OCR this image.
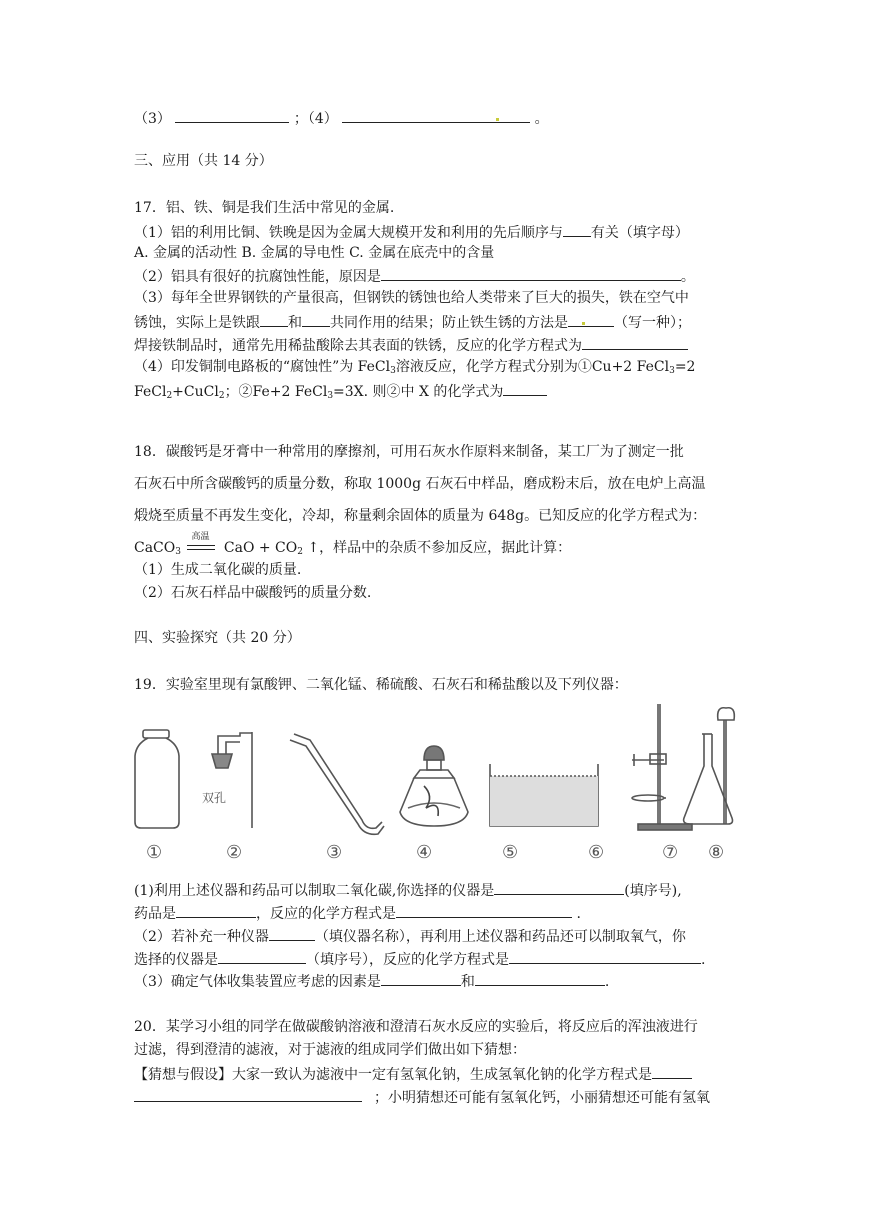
（3）	；（4）	。
三、应用（共 14 分）
17．铝、铁、铜是我们生活中常见的金属.
（1）铝的利用比铜、铁晚是因为金属大规模开发和利用的先后顺序与 有关（填字母）
A. 金属的活动性 B. 金属的导电性 C. 金属在底壳中的含量
（2）铝具有很好的抗腐蚀性能，原因是	。
（3）每年全世界钢铁的产量很高，但钢铁的锈蚀也给人类带来了巨大的损失，铁在空气中
锈蚀，实际上是铁跟 和 共同作用的结果；防止铁生锈的方法是	（写一种）；
焊接铁制品时，通常先用稀盐酸除去其表面的铁锈，反应的化学方程式为
（4）印发铜制电路板的“腐蚀性”为 FeCl$_3$溶液反应，化学方程式分别为①Cu+2 FeCl$_3$=2
FeCl$_2$+CuCl$_2$；②Fe+2 FeCl$_3$=3X. 则②中 X 的化学式为
18．碳酸钙是牙膏中一种常用的摩擦剂，可用石灰水作原料来制备，某工厂为了测定一批
石灰石中所含碳酸钙的质量分数，称取 1000g 石灰石中样品，磨成粉末后，放在电炉上高温
煅烧至质量不再发生变化，冷却，称量剩余固体的质量为 648g。已知反应的化学方程式为：
CaCO$_3$
高温
CaO + $CO_2$ ↑，样品中的杂质不参加反应，据此计算：
（1）生成二氧化碳的质量.
（2）石灰石样品中碳酸钙的质量分数.
四、实验探究（共 20 分）
19．实验室里现有氯酸钾、二氧化锰、稀硫酸、石灰石和稀盐酸以及下列仪器：
双孔
①	②	③	④	⑤	⑥	⑦ ⑧
(1)利用上述仪器和药品可以制取二氧化碳,你选择的仪器是	(填序号),
药品是	，反应的化学方程式是	.
（2）若补充一种仪器	（填仪器名称），再利用上述仪器和药品还可以制取氧气，你
选择的仪器是	（填序号），反应的化学方程式是	.
（3）确定气体收集装置应考虑的因素是	和	.
20．某学习小组的同学在做碳酸钠溶液和澄清石灰水反应的实验后，将反应后的浑浊液进行
过滤，得到澄清的滤液，对于滤液的组成同学们做出如下猜想：
【猜想与假设】大家一致认为滤液中一定有氢氧化钠，生成氢氧化钠的化学方程式是
；小明猜想还可能有氢氧化钙，小丽猜想还可能有氢氧
